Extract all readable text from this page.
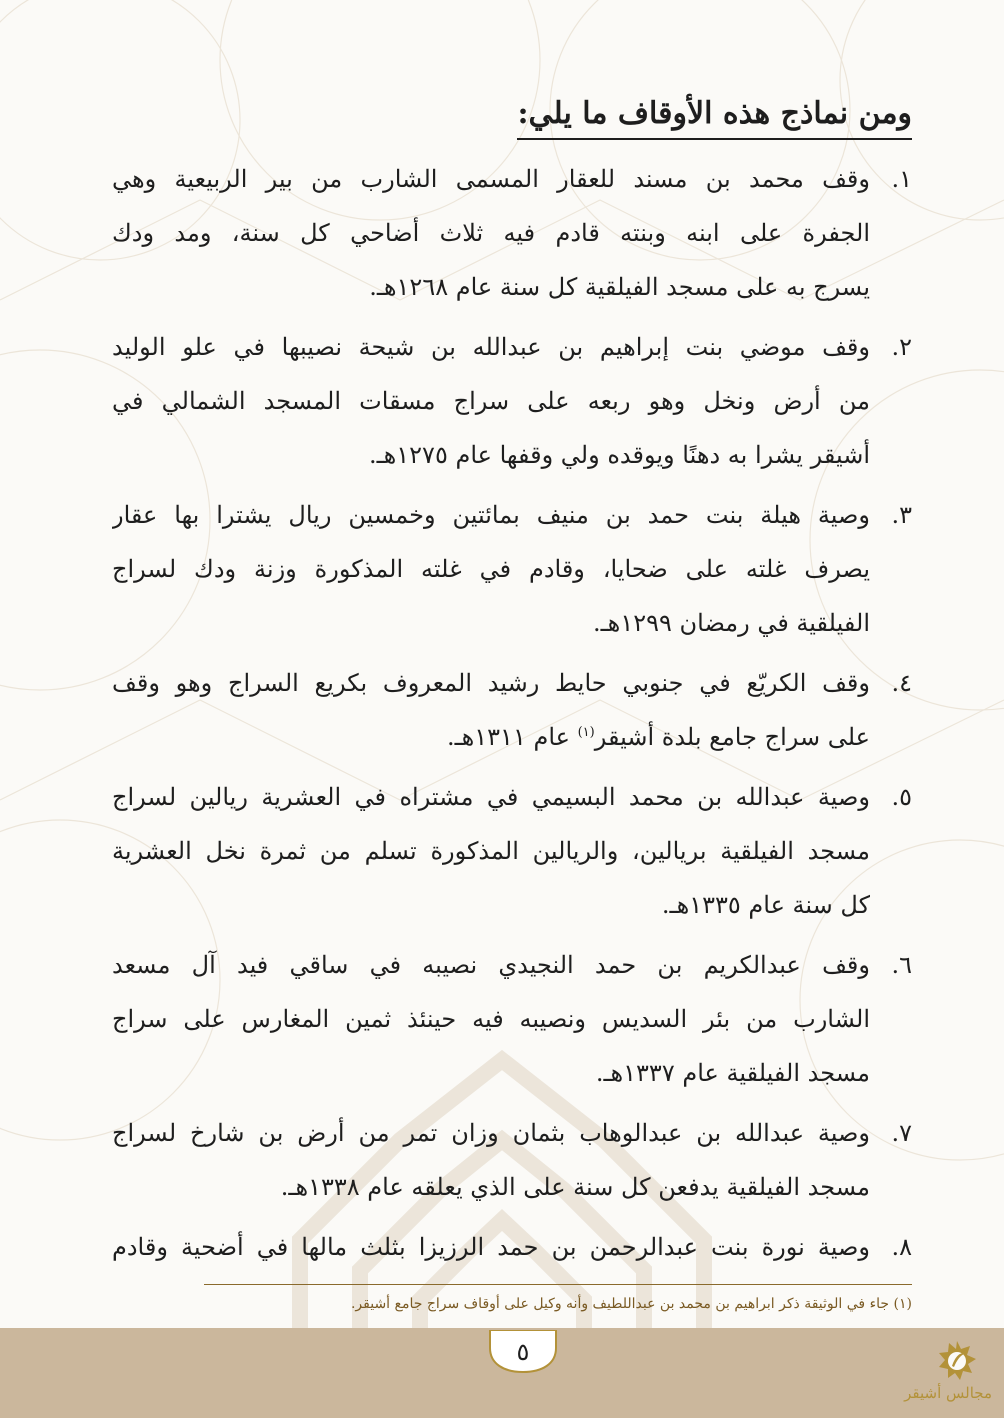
ومن نماذج هذه الأوقاف ما يلي:
١.
وقف محمد بن مسند للعقار المسمى الشارب من بير الربيعية وهي
الجفرة على ابنه وبنته قادم فيه ثلاث أضاحي كل سنة، ومد ودك
يسرج به على مسجد الفيلقية كل سنة عام ١٢٦٨هـ.
٢.
وقف موضي بنت إبراهيم بن عبدالله بن شيحة نصيبها في علو الوليد
من أرض ونخل وهو ربعه على سراج مسقات المسجد الشمالي في
أشيقر يشرا به دهنًا ويوقده ولي وقفها عام ١٢٧٥هـ.
٣.
وصية هيلة بنت حمد بن منيف بمائتين وخمسين ريال يشترا بها عقار
يصرف غلته على ضحايا، وقادم في غلته المذكورة وزنة ودك لسراج
الفيلقية في رمضان ١٢٩٩هـ.
٤.
وقف الكريّع في جنوبي حايط رشيد المعروف بكريع السراج وهو وقف
على سراج جامع بلدة أشيقر$^{(١)}$ عام ١٣١١هـ.
٥.
وصية عبدالله بن محمد البسيمي في مشتراه في العشرية ريالين لسراج
مسجد الفيلقية بريالين، والريالين المذكورة تسلم من ثمرة نخل العشرية
كل سنة عام ١٣٣٥هـ.
٦.
وقف عبدالكريم بن حمد النجيدي نصيبه في ساقي فيد آل مسعد
الشارب من بئر السديس ونصيبه فيه حينئذ ثمين المغارس على سراج
مسجد الفيلقية عام ١٣٣٧هـ.
٧.
وصية عبدالله بن عبدالوهاب بثمان وزان تمر من أرض بن شارخ لسراج
مسجد الفيلقية يدفعن كل سنة على الذي يعلقه عام ١٣٣٨هـ.
٨.
وصية نورة بنت عبدالرحمن بن حمد الرزيزا بثلث مالها في أضحية وقادم
(١) جاء في الوثيقة ذكر ابراهيم بن محمد بن عبداللطيف وأنه وكيل على أوقاف سراج جامع أشيقر.
٥
مجالس أشيقر
